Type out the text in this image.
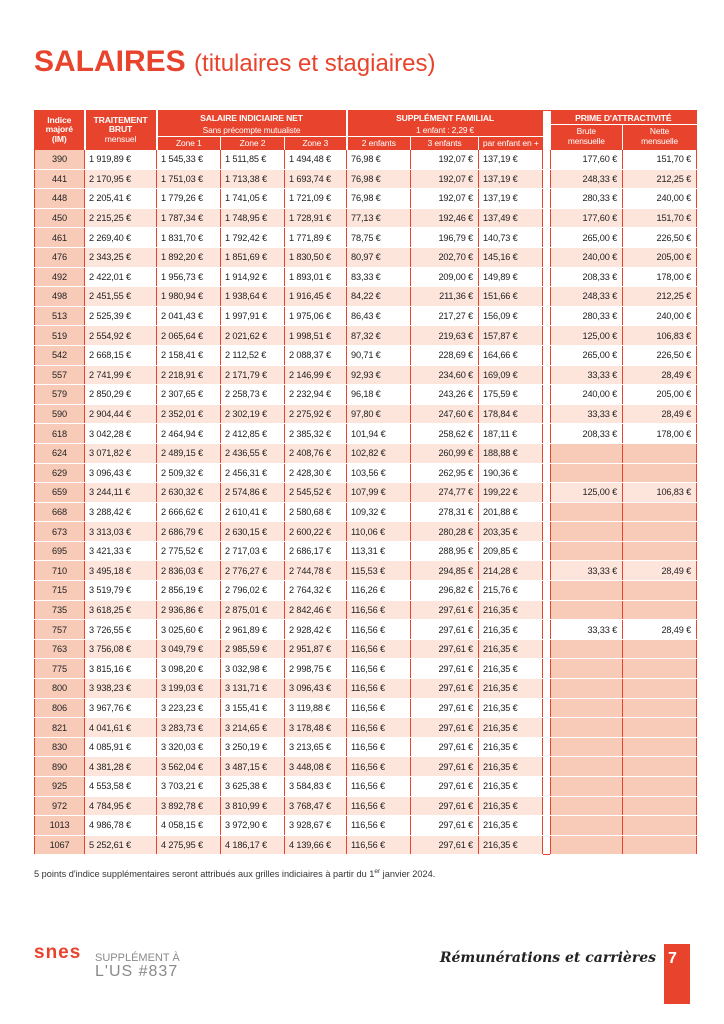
SALAIRES (titulaires et stagiaires)
Indice
majoré
(IM)	TRAITEMENT
BRUT
mensuel	SALAIRE INDICIAIRE NET			SUPPLÉMENT FAMILIAL				PRIME D'ATTRACTIVITÉ	
		Sans précompte mutualiste			1 enfant : 2,29 €				Brute
mensuelle	Nette
mensuelle

		Zone 1	Zone 2	Zone 3	2 enfants	3 enfants	par enfant en +			
390	1 919,89 €	1 545,33 €	1 511,85 €	1 494,48 €	76,98 €	192,07 €	137,19 €		177,60 €	151,70 €
441	2 170,95 €	1 751,03 €	1 713,38 €	1 693,74 €	76,98 €	192,07 €	137,19 €		248,33 €	212,25 €
448	2 205,41 €	1 779,26 €	1 741,05 €	1 721,09 €	76,98 €	192,07 €	137,19 €		280,33 €	240,00 €
450	2 215,25 €	1 787,34 €	1 748,95 €	1 728,91 €	77,13 €	192,46 €	137,49 €		177,60 €	151,70 €
461	2 269,40 €	1 831,70 €	1 792,42 €	1 771,89 €	78,75 €	196,79 €	140,73 €		265,00 €	226,50 €
476	2 343,25 €	1 892,20 €	1 851,69 €	1 830,50 €	80,97 €	202,70 €	145,16 €		240,00 €	205,00 €
492	2 422,01 €	1 956,73 €	1 914,92 €	1 893,01 €	83,33 €	209,00 €	149,89 €		208,33 €	178,00 €
498	2 451,55 €	1 980,94 €	1 938,64 €	1 916,45 €	84,22 €	211,36 €	151,66 €		248,33 €	212,25 €
513	2 525,39 €	2 041,43 €	1 997,91 €	1 975,06 €	86,43 €	217,27 €	156,09 €		280,33 €	240,00 €
519	2 554,92 €	2 065,64 €	2 021,62 €	1 998,51 €	87,32 €	219,63 €	157,87 €		125,00 €	106,83 €
542	2 668,15 €	2 158,41 €	2 112,52 €	2 088,37 €	90,71 €	228,69 €	164,66 €		265,00 €	226,50 €
557	2 741,99 €	2 218,91 €	2 171,79 €	2 146,99 €	92,93 €	234,60 €	169,09 €		33,33 €	28,49 €
579	2 850,29 €	2 307,65 €	2 258,73 €	2 232,94 €	96,18 €	243,26 €	175,59 €		240,00 €	205,00 €
590	2 904,44 €	2 352,01 €	2 302,19 €	2 275,92 €	97,80 €	247,60 €	178,84 €		33,33 €	28,49 €
618	3 042,28 €	2 464,94 €	2 412,85 €	2 385,32 €	101,94 €	258,62 €	187,11 €		208,33 €	178,00 €
624	3 071,82 €	2 489,15 €	2 436,55 €	2 408,76 €	102,82 €	260,99 €	188,88 €			
629	3 096,43 €	2 509,32 €	2 456,31 €	2 428,30 €	103,56 €	262,95 €	190,36 €			
659	3 244,11 €	2 630,32 €	2 574,86 €	2 545,52 €	107,99 €	274,77 €	199,22 €		125,00 €	106,83 €
668	3 288,42 €	2 666,62 €	2 610,41 €	2 580,68 €	109,32 €	278,31 €	201,88 €			
673	3 313,03 €	2 686,79 €	2 630,15 €	2 600,22 €	110,06 €	280,28 €	203,35 €			
695	3 421,33 €	2 775,52 €	2 717,03 €	2 686,17 €	113,31 €	288,95 €	209,85 €			
710	3 495,18 €	2 836,03 €	2 776,27 €	2 744,78 €	115,53 €	294,85 €	214,28 €		33,33 €	28,49 €
715	3 519,79 €	2 856,19 €	2 796,02 €	2 764,32 €	116,26 €	296,82 €	215,76 €			
735	3 618,25 €	2 936,86 €	2 875,01 €	2 842,46 €	116,56 €	297,61 €	216,35 €			
757	3 726,55 €	3 025,60 €	2 961,89 €	2 928,42 €	116,56 €	297,61 €	216,35 €		33,33 €	28,49 €
763	3 756,08 €	3 049,79 €	2 985,59 €	2 951,87 €	116,56 €	297,61 €	216,35 €			
775	3 815,16 €	3 098,20 €	3 032,98 €	2 998,75 €	116,56 €	297,61 €	216,35 €			
800	3 938,23 €	3 199,03 €	3 131,71 €	3 096,43 €	116,56 €	297,61 €	216,35 €			
806	3 967,76 €	3 223,23 €	3 155,41 €	3 119,88 €	116,56 €	297,61 €	216,35 €			
821	4 041,61 €	3 283,73 €	3 214,65 €	3 178,48 €	116,56 €	297,61 €	216,35 €			
830	4 085,91 €	3 320,03 €	3 250,19 €	3 213,65 €	116,56 €	297,61 €	216,35 €			
890	4 381,28 €	3 562,04 €	3 487,15 €	3 448,08 €	116,56 €	297,61 €	216,35 €			
925	4 553,58 €	3 703,21 €	3 625,38 €	3 584,83 €	116,56 €	297,61 €	216,35 €			
972	4 784,95 €	3 892,78 €	3 810,99 €	3 768,47 €	116,56 €	297,61 €	216,35 €			
1013	4 986,78 €	4 058,15 €	3 972,90 €	3 928,67 €	116,56 €	297,61 €	216,35 €			
1067	5 252,61 €	4 275,95 €	4 186,17 €	4 139,66 €	116,56 €	297,61 €	216,35 €			

5 points d'indice supplémentaires seront attribués aux grilles indiciaires à partir du 1er janvier 2024.

snes SUPPLÉMENT À
L'US #837
Rémunérations et carrières 7
